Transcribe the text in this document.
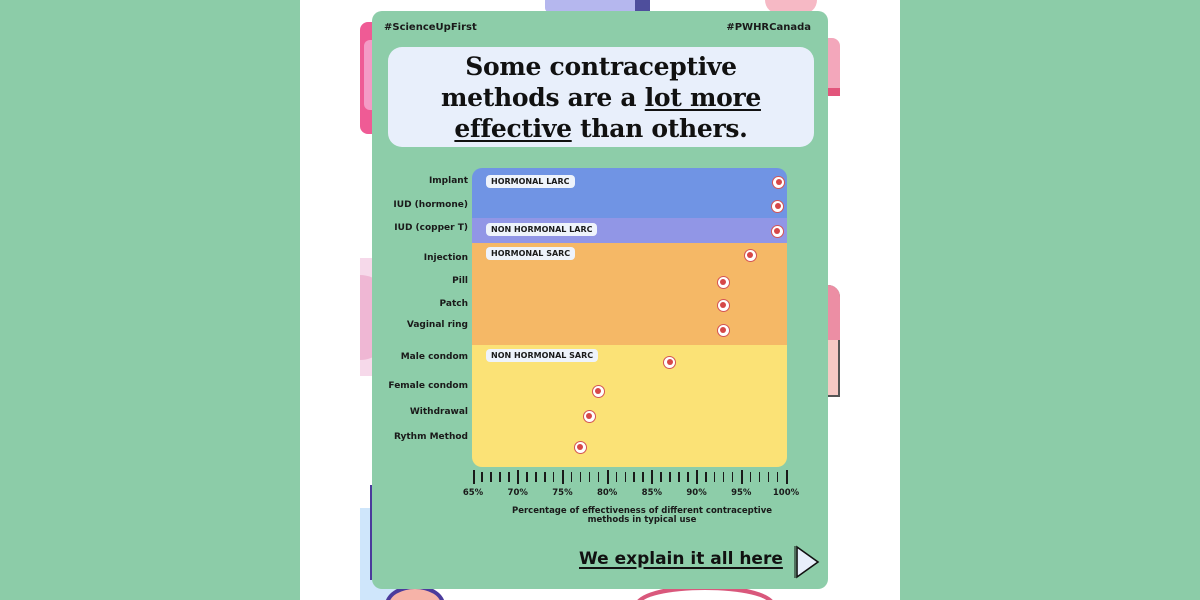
#ScienceUpFirst	#PWHRCanada
Some contraceptive
methods are a lot more
effective than others.
Implant
IUD (hormone)
IUD (copper T)
Injection
Pill
Patch
Vaginal ring
Male condom
Female condom
Withdrawal
Rythm Method
HORMONAL LARC
NON HORMONAL LARC
HORMONAL SARC
NON HORMONAL SARC
65%	70%	75%	80%	85%	90%	95%	100%
Percentage of effectiveness of different contraceptive methods in typical use
We explain it all here
